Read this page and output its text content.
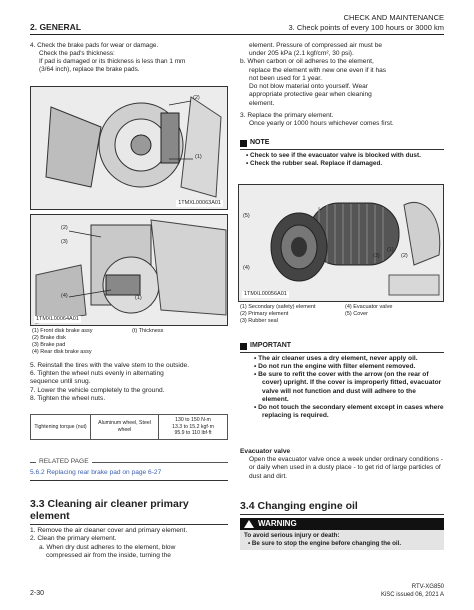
2. GENERAL
CHECK AND MAINTENANCE
3. Check points of every 100 hours or 3000 km

4. Check the brake pads for wear or damage.

Check the pad's thickness:

If pad is damaged or its thickness is less than 1 mm

(3/64 inch), replace the brake pads.

(2)
(1)
1TMXL00063A01
(2)
(3)
(4)	(1)
1TMXL00064A01
(1) Front disk brake assy	(t) Thickness
(2) Brake disk
(3) Brake pad
(4) Rear disk brake assy

5. Reinstall the tires with the valve stem to the outside.

6. Tighten the wheel nuts evenly in alternating

sequence until snug.

7. Lower the vehicle completely to the ground.

8. Tighten the wheel nuts.

Tightening torque (nut)	Aluminum wheel, Steel wheel	
130 to 150 N·m
13.3 to 15.2 kgf·m
95.9 to 110 lbf·ft
RELATED PAGE
5.6.2 Replacing rear brake pad on page 6-27
3.3 Cleaning air cleaner primary element

1. Remove the air cleaner cover and primary element.

2. Clean the primary element.

a. When dry dust adheres to the element, blow

compressed air from the inside, turning the

element. Pressure of compressed air must be

under 205 kPa (2.1 kgf/cm², 30 psi).

b. When carbon or oil adheres to the element,

replace the element with new one even if it has

not been used for 1 year.

Do not blow material onto yourself. Wear

appropriate protective gear when cleaning

element.

3. Replace the primary element.

Once yearly or 1000 hours whichever comes first.

NOTE

• Check to see if the evacuator valve is blocked with dust.

• Check the rubber seal. Replace if damaged.

(5)
(4)
(3)
(1)
(2)
1TMXL00056A01
(1) Secondary (safety) element	(4) Evacuator valve
(2) Primary element	(5) Cover
(3) Rubber seal
IMPORTANT

• The air cleaner uses a dry element, never apply oil.

• Do not run the engine with filter element removed.

• Be sure to refit the cover with the arrow (on the rear of cover) upright. If the cover is improperly fitted, evacuator valve will not function and dust will adhere to the element.

• Do not touch the secondary element except in cases where replacing is required.

Evacuator valve

Open the evacuator valve once a week under ordinary conditions - or daily when used in a dusty place - to get rid of large particles of dust and dirt.

3.4 Changing engine oil
WARNING

To avoid serious injury or death:

• Be sure to stop the engine before changing the oil.

2-30
RTV-XG850
KiSC issued 06, 2021 A
